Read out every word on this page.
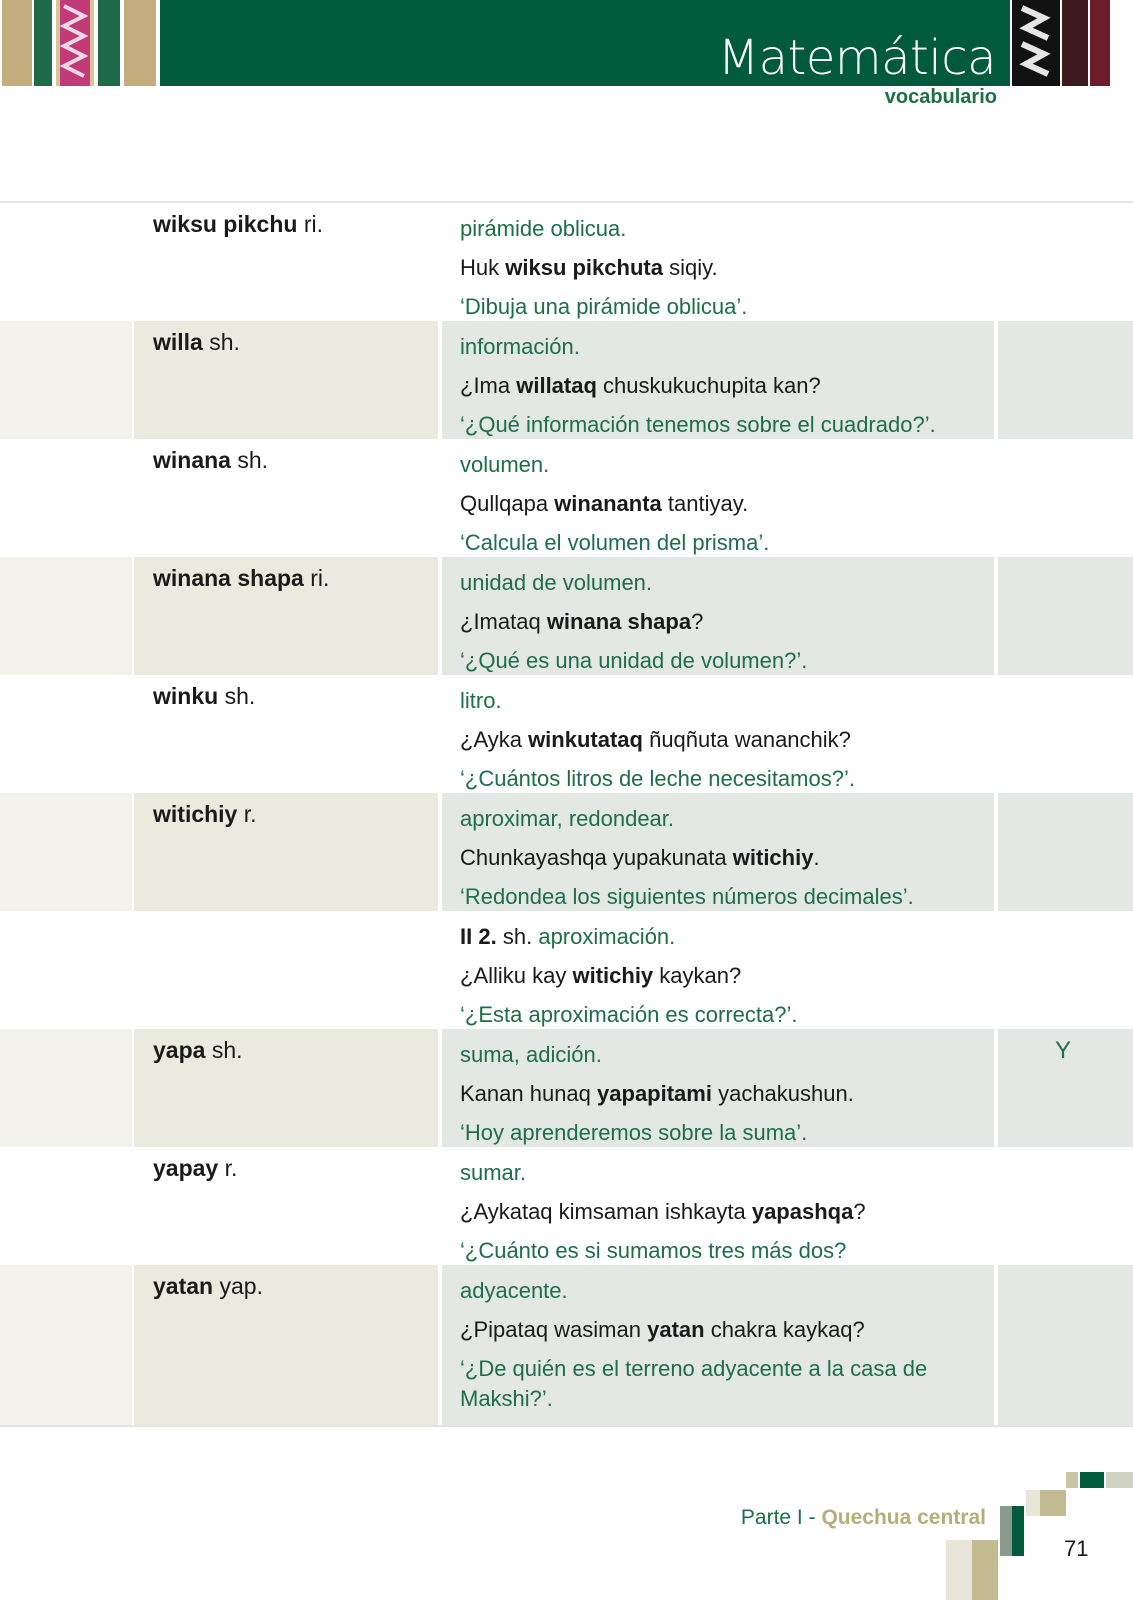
Matemática
vocabulario
wiksu pikchu ri.	pirámide oblicua.
Huk wiksu pikchuta siqiy.
‘Dibuja una pirámide oblicua’.
willa sh.	información.
¿Ima willataq chuskukuchupita kan?
‘¿Qué información tenemos sobre el cuadrado?’.
winana sh.	volumen.
Qullqapa winananta tantiyay.
‘Calcula el volumen del prisma’.
winana shapa ri.	unidad de volumen.
¿Imataq winana shapa?
‘¿Qué es una unidad de volumen?’.
winku sh.	litro.
¿Ayka winkutataq ñuqñuta wananchik?
‘¿Cuántos litros de leche necesitamos?’.
witichiy r.	aproximar, redondear.
Chunkayashqa yupakunata witichiy.
‘Redondea los siguientes números decimales’.
II 2. sh. aproximación.
¿Alliku kay witichiy kaykan?
‘¿Esta aproximación es correcta?’.
yapa sh.	suma, adición.
Kanan hunaq yapapitami yachakushun.
‘Hoy aprenderemos sobre la suma’.
Y
yapay r.	sumar.
¿Aykataq kimsaman ishkayta yapashqa?
‘¿Cuánto es si sumamos tres más dos?
yatan yap.	adyacente.
¿Pipataq wasiman yatan chakra kaykaq?
‘¿De quién es el terreno adyacente a la casa de Makshi?’.
Parte I - Quechua central
71
